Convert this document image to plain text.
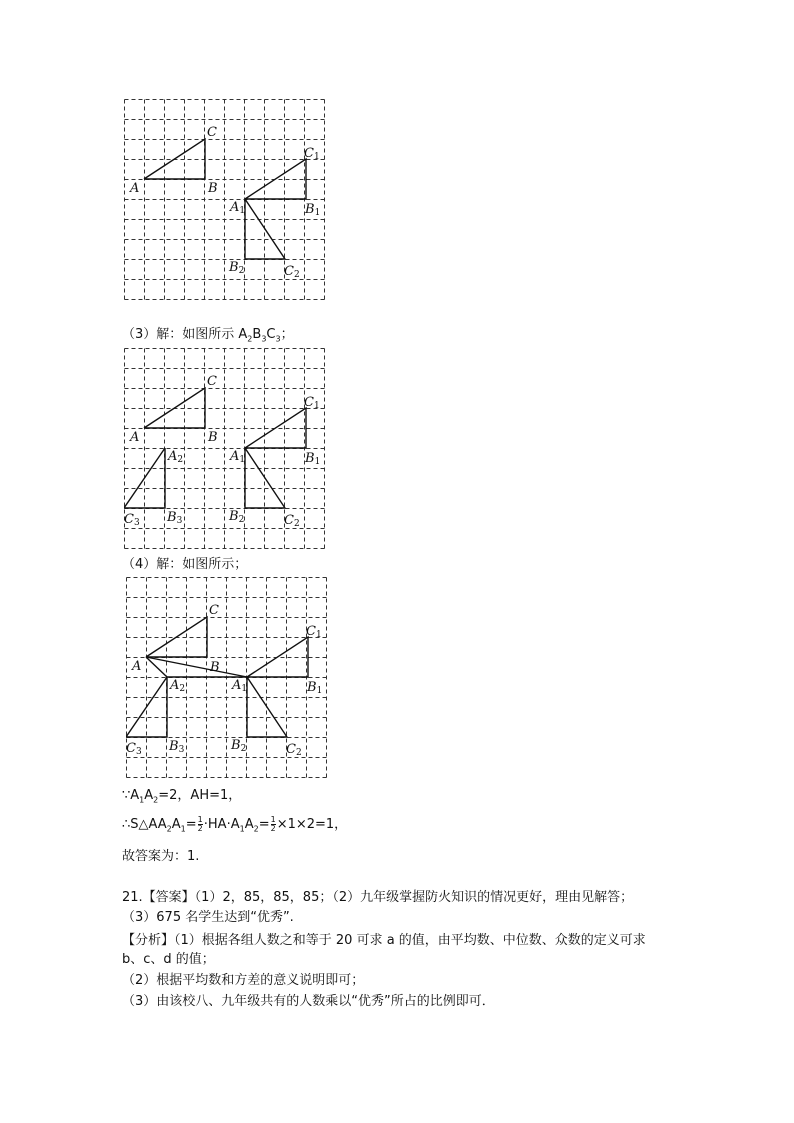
A	B
C
C1
A1	B1
B2	C2
（3）解：如图所示 $A_2B_3C_3$；
A	B
C
C1
A1	B1
B2	C2
A2
C3 B3
（4）解：如图所示；
A	B
C
C1
A1	B1
B2	C2
A2
C3 B3
$\because A_1A_2=2$，AH=1，
$\therefore S\triangle AA_2A_1= \frac{1}{2} \cdot HA\cdot A_1A_2= \frac{1}{2} \times 1\times 2=1$，
故答案为：1.
21.【答案】（1）2，85，85，85；（2）九年级掌握防火知识的情况更好，理由见解答；
（3）675 名学生达到“优秀”.
【分析】（1）根据各组人数之和等于 20 可求 a 的值，由平均数、中位数、众数的定义可求
b、c、d 的值；
（2）根据平均数和方差的意义说明即可；
（3）由该校八、九年级共有的人数乘以“优秀”所占的比例即可．
